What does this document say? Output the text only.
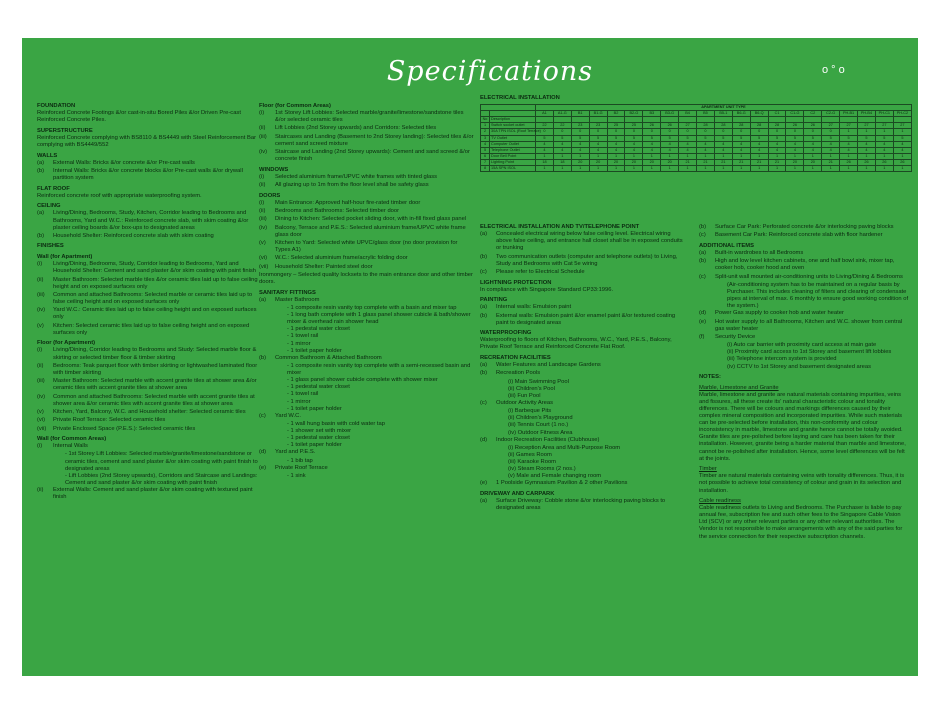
Specifications	o ° o
FOUNDATION

Reinforced Concrete Footings &/or cast-in-situ Bored Piles &/or Driven Pre-cast Reinforced Concrete Piles.

SUPERSTRUCTURE

Reinforced Concrete complying with BS8110 & BS4449 with Steel Reinforcement Bar complying with BS4449/552

WALLS
(a)	External Walls: Bricks &/or concrete &/or Pre-cast walls
(b)	Internal Walls: Bricks &/or concrete blocks &/or Pre-cast walls &/or drywall partition system
FLAT ROOF

Reinforced concrete roof with appropriate waterproofing system.

CEILING
(a)	Living/Dining, Bedrooms, Study, Kitchen, Corridor leading to Bedrooms and Bathrooms, Yard and W.C.: Reinforced concrete slab, with skim coating &/or plaster ceiling boards &/or box-ups to designated areas
(b)	Household Shelter: Reinforced concrete slab with skim coating
FINISHES
Wall (for Apartment)
(i)	Living/Dining, Bedrooms, Study, Corridor leading to Bedrooms, Yard and Household Shelter: Cement and sand plaster &/or skim coating with paint finish
(ii)	Master Bathroom: Selected marble tiles &/or ceramic tiles laid up to false ceiling height and on exposed surfaces only
(iii)	Common and attached Bathrooms: Selected marble or ceramic tiles laid up to false ceiling height and on exposed surfaces only
(iv)	Yard W.C.: Ceramic tiles laid up to false ceiling height and on exposed surfaces only
(v)	Kitchen: Selected ceramic tiles laid up to false ceiling height and on exposed surfaces only
Floor (for Apartment)
(i)	Living/Dining, Corridor leading to Bedrooms and Study: Selected marble floor & skirting or selected timber floor & timber skirting
(ii)	Bedrooms: Teak parquet floor with timber skirting or lightwashed laminated floor with timber skirting
(iii)	Master Bathroom: Selected marble with accent granite tiles at shower area &/or ceramic tiles with accent granite tiles at shower area
(iv)	Common and attached Bathrooms: Selected marble with accent granite tiles at shower area &/or ceramic tiles with accent granite tiles at shower area
(v)	Kitchen, Yard, Balcony, W.C. and Household shelter: Selected ceramic tiles
(vi)	Private Roof Terrace: Selected ceramic tiles
(vii)	Private Enclosed Space (P.E.S.): Selected ceramic tiles
Wall (for Common Areas)
(i)	Internal Walls

- 1st Storey Lift Lobbies: Selected marble/granite/limestone/sandstone or ceramic tiles, cement and sand plaster &/or skim coating with paint finish to designated areas

- Lift Lobbies (2nd Storey upwards), Corridors and Staircase and Landings: Cement and sand plaster &/or skim coating with paint finish

(ii)	External Walls: Cement and sand plaster &/or skim coating with textured paint finish
Floor (for Common Areas)
(i)	1st Storey Lift Lobbies: Selected marble/granite/limestone/sandstone tiles &/or selected ceramic tiles
(ii)	Lift Lobbies (2nd Storey upwards) and Corridors: Selected tiles
(iii)	Staircases and Landing (Basement to 2nd Storey landing): Selected tiles &/or cement sand screed mixture
(iv)	Staircase and Landing (2nd Storey upwards): Cement and sand screed &/or concrete finish
WINDOWS
(i)	Selected aluminium frame/UPVC white frames with tinted glass
(ii)	All glazing up to 1m from the floor level shall be safety glass
DOORS
(i)	Main Entrance: Approved half-hour fire-rated timber door
(ii)	Bedrooms and Bathrooms: Selected timber door
(iii)	Dining to Kitchen: Selected pocket sliding door, with in-fill fixed glass panel
(iv)	Balcony, Terrace and P.E.S.: Selected aluminium frame/UPVC white frame glass door
(v)	Kitchen to Yard: Selected white UPVC/glass door (no door provision for Types A1)
(vi)	W.C.: Selected aluminium frame/acrylic folding door
(vii)	Household Shelter: Painted steel door

Ironmongery – Selected quality locksets to the main entrance door and other timber doors.

SANITARY FITTINGS
(a)	Master Bathroom

- 1 composite resin vanity top complete with a basin and mixer tap

- 1 long bath complete with 1 glass panel shower cubicle & bath/shower mixer & overhead rain shower head

- 1 pedestal water closet

- 1 towel rail

- 1 mirror

- 1 toilet paper holder

(b)	Common Bathroom & Attached Bathroom

- 1 composite resin vanity top complete with a semi-recessed basin and mixer

- 1 glass panel shower cubicle complete with shower mixer

- 1 pedestal water closet

- 1 towel rail

- 1 mirror

- 1 toilet paper holder

(c)	Yard W.C.

- 1 wall hung basin with cold water tap

- 1 shower set with mixer

- 1 pedestal water closet

- 1 toilet paper holder

(d)	Yard and P.E.S.

- 1 bib tap

(e)	Private Roof Terrace

- 1 sink

ELECTRICAL INSTALLATION
		APARTMENT UNIT TYPE																				
		A1	A1-G	B1	B1-G	B2	B2-G	B3	B3-G	B4	B5	B5-1	B6-G	B6-Q	C1	C1-G	C2	C2-G	PH-B1	PH-B4	PH-C1	PH-C2
No	Description																					
1	Switch socket outlet	22	22	23	23	25	25	26	26	27	28	28	28	28	28	26	26	27	27	27	27	27
2	30A TPN ISOL (Roof Terrace)	0	0	0	0	0	0	0	0	0	0	0	0	0	0	0	0	0	1	1	1	1
3	TV Outlet	5	5	5	5	5	5	5	5	5	5	5	5	5	5	5	5	5	5	5	5	5
4	Computer Outlet	4	4	4	4	4	4	4	4	4	4	4	4	4	4	4	4	4	4	4	4	4
5	Telephone Outlet	4	4	4	4	4	4	4	4	4	4	4	4	4	4	4	4	4	4	4	4	4
6	Door Bell Point	1	1	1	1	1	1	1	1	1	1	1	1	1	1	1	1	1	1	1	1	1
7	Lighting Point	18	18	20	20	20	20	20	20	21	21	21	21	21	21	20	20	21	26	26	26	26
8	15A SPN ISOL	1	1	1	1	1	1	1	1	1	1	1	1	1	1	1	1	1	1	1	1	1
ELECTRICAL INSTALLATION AND TV/TELEPHONE POINT
(a)	Concealed electrical wiring below false ceiling level. Electrical wiring above false ceiling, and entrance hall closet shall be in exposed conduits or trunking
(b)	Two communication outlets (computer and telephone outlets) to Living, Study and Bedrooms with Cat 5e wiring
(c)	Please refer to Electrical Schedule
LIGHTNING PROTECTION

In compliance with Singapore Standard CP33:1996.

PAINTING
(a)	Internal walls: Emulsion paint
(b)	External walls: Emulsion paint &/or enamel paint &/or textured coating paint to designated areas
WATERPROOFING

Waterproofing to floors of Kitchen, Bathrooms, W.C., Yard, P.E.S., Balcony, Private Roof Terrace and Reinforced Concrete Flat Roof.

RECREATION FACILITIES
(a)	Water Features and Landscape Gardens
(b)	Recreation Pools

(i) Main Swimming Pool

(ii) Children's Pool

(iii) Fun Pool

(c)	Outdoor Activity Areas

(i) Barbeque Pits

(ii) Children's Playground

(iii) Tennis Court (1 no.)

(iv) Outdoor Fitness Area

(d)	Indoor Recreation Facilities (Clubhouse)

(i) Reception Area and Multi-Purpose Room

(ii) Games Room

(iii) Karaoke Room

(iv) Steam Rooms (2 nos.)

(v) Male and Female changing room

(e)	1 Poolside Gymnasium Pavilion & 2 other Pavilions
DRIVEWAY AND CARPARK
(a)	Surface Driveway: Cobble stone &/or interlocking paving blocks to designated areas
(b)	Surface Car Park: Perforated concrete &/or interlocking paving blocks
(c)	Basement Car Park: Reinforced concrete slab with floor hardener
ADDITIONAL ITEMS
(a)	Built-in wardrobes to all Bedrooms
(b)	High and low level kitchen cabinets, one and half bowl sink, mixer tap, cooker hob, cooker hood and oven
(c)	Split-unit wall mounted air-conditioning units to Living/Dining & Bedrooms

(Air-conditioning system has to be maintained on a regular basis by Purchaser. This includes cleaning of filters and clearing of condensate pipes at interval of max. 6 monthly to ensure good working condition of the system.)

(d)	Power Gas supply to cooker hob and water heater
(e)	Hot water supply to all Bathrooms, Kitchen and W.C. shower from central gas water heater
(f)	Security Device

(i) Auto car barrier with proximity card access at main gate

(ii) Proximity card access to 1st Storey and basement lift lobbies

(iii) Telephone intercom system is provided

(iv) CCTV to 1st Storey and basement designated areas

NOTES:
Marble, Limestone and Granite

Marble, limestone and granite are natural materials containing impurities, veins and fissures, all these create its' natural characteristic colour and tonality differences. There will be colours and markings differences caused by their complex mineral composition and incorporated impurities. While such materials can be pre-selected before installation, this non-conformity and colour inconsistency in marble, limestone and granite hence cannot be totally avoided. Granite tiles are pre-polished before laying and care has been taken for their installation. However, granite being a harder material than marble and limestone, cannot be re-polished after installation. Hence, some level differences will be felt at the joints.

Timber

Timber are natural materials containing veins with tonality differences. Thus, it is not possible to achieve total consistency of colour and grain in its selection and installation.

Cable readiness

Cable readiness outlets to Living and Bedrooms. The Purchaser is liable to pay annual fee, subscription fee and such other fees to the Singapore Cable Vision Ltd (SCV) or any other relevant parties or any other relevant authorities. The Vendor is not responsible to make arrangements with any of the said parties for the service connection for their respective subscription channels.
